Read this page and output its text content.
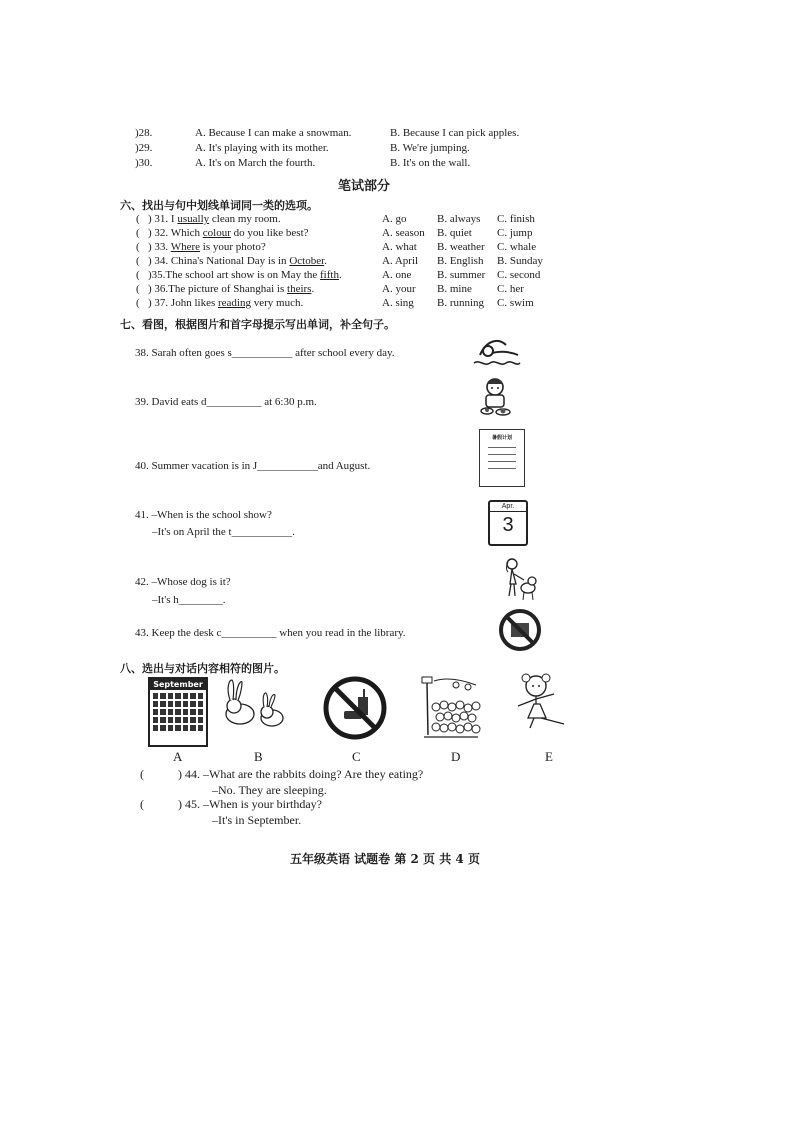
)28.	A. Because I can make a snowman.	B. Because I can pick apples.
)29.	A. It's playing with its mother.	B. We're jumping.
)30.	A. It's on March the fourth.	B. It's on the wall.
笔试部分
六、找出与句中划线单词同一类的选项。
( ) 31. I usually clean my room.	A. go	B. always C. finish
( ) 32. Which colour do you like best?	A. season B. quiet C. jump
( ) 33. Where is your photo?	A. what B. weather C. whale
( ) 34. China's National Day is in October.	A. April B. English B. Sunday
( )35.The school art show is on May the fifth.	A. one B. summer C. second
( ) 36.The picture of Shanghai is theirs.	A. your B. mine C. her
( ) 37. John likes reading very much.	A. sing B. running C. swim
七、看图，根据图片和首字母提示写出单词，补全句子。
38. Sarah often goes s___________ after school every day.
39. David eats d__________ at 6:30 p.m.
40. Summer vacation is in J___________and August.
41. –When is the school show?
–It's on April the t___________.
42. –Whose dog is it?
–It's h________.
43. Keep the desk c__________ when you read in the library.
暑假计划
Apr.
3
八、选出与对话内容相符的图片。
September
A	B	C	D	E
(	) 44. –What are the rabbits doing? Are they eating?
–No. They are sleeping.
(	) 45. –When is your birthday?
–It's in September.
五年级英语 试题卷 第 2 页 共 4 页
